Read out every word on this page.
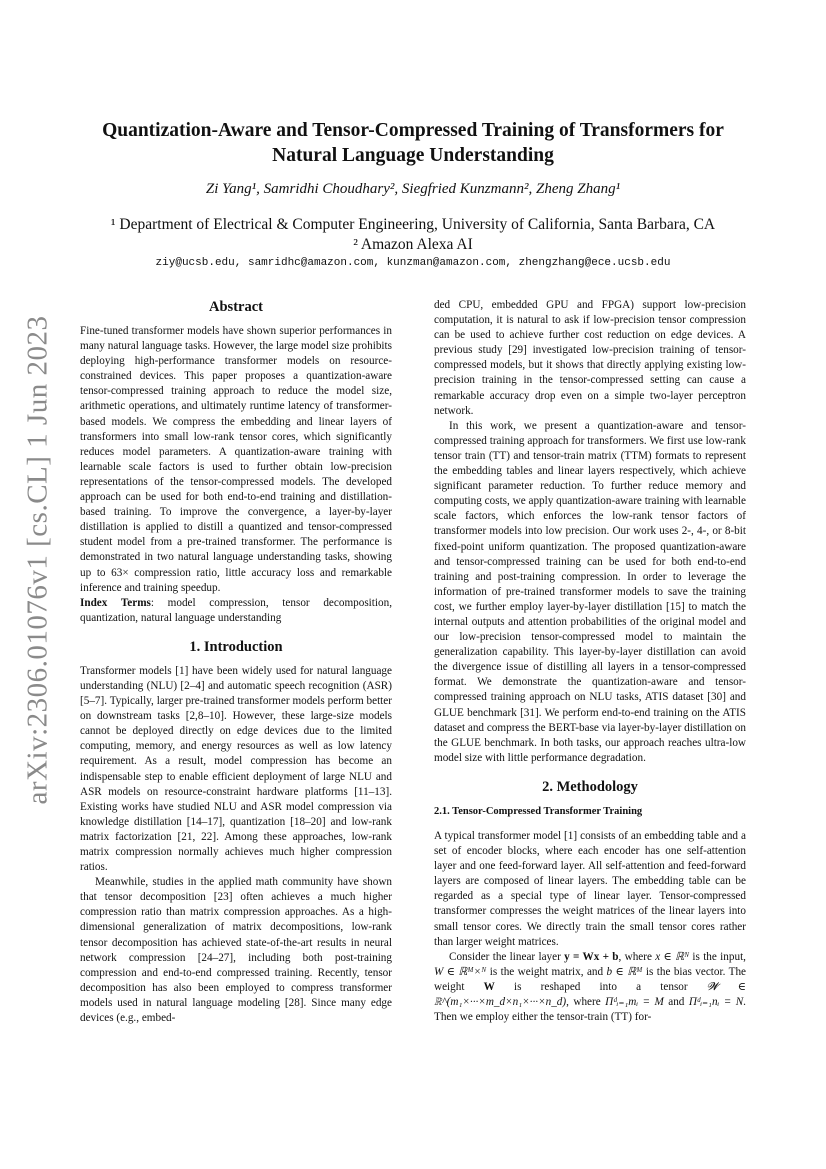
arXiv:2306.01076v1 [cs.CL] 1 Jun 2023
Quantization-Aware and Tensor-Compressed Training of Transformers for
Natural Language Understanding

Zi Yang¹, Samridhi Choudhary², Siegfried Kunzmann², Zheng Zhang¹

¹ Department of Electrical & Computer Engineering, University of California, Santa Barbara, CA
² Amazon Alexa AI

ziy@ucsb.edu, samridhc@amazon.com, kunzman@amazon.com, zhengzhang@ece.ucsb.edu

Abstract

Fine-tuned transformer models have shown superior performances in many natural language tasks. However, the large model size prohibits deploying high-performance transformer models on resource-constrained devices. This paper proposes a quantization-aware tensor-compressed training approach to reduce the model size, arithmetic operations, and ultimately runtime latency of transformer-based models. We compress the embedding and linear layers of transformers into small low-rank tensor cores, which significantly reduces model parameters. A quantization-aware training with learnable scale factors is used to further obtain low-precision representations of the tensor-compressed models. The developed approach can be used for both end-to-end training and distillation-based training. To improve the convergence, a layer-by-layer distillation is applied to distill a quantized and tensor-compressed student model from a pre-trained transformer. The performance is demonstrated in two natural language understanding tasks, showing up to 63× compression ratio, little accuracy loss and remarkable inference and training speedup.

Index Terms: model compression, tensor decomposition, quantization, natural language understanding

1. Introduction

Transformer models [1] have been widely used for natural language understanding (NLU) [2–4] and automatic speech recognition (ASR) [5–7]. Typically, larger pre-trained transformer models perform better on downstream tasks [2,8–10]. However, these large-size models cannot be deployed directly on edge devices due to the limited computing, memory, and energy resources as well as low latency requirement. As a result, model compression has become an indispensable step to enable efficient deployment of large NLU and ASR models on resource-constraint hardware platforms [11–13]. Existing works have studied NLU and ASR model compression via knowledge distillation [14–17], quantization [18–20] and low-rank matrix factorization [21, 22]. Among these approaches, low-rank matrix compression normally achieves much higher compression ratios.

Meanwhile, studies in the applied math community have shown that tensor decomposition [23] often achieves a much higher compression ratio than matrix compression approaches. As a high-dimensional generalization of matrix decompositions, low-rank tensor decomposition has achieved state-of-the-art results in neural network compression [24–27], including both post-training compression and end-to-end compressed training. Recently, tensor decomposition has also been employed to compress transformer models used in natural language modeling [28]. Since many edge devices (e.g., embed-

ded CPU, embedded GPU and FPGA) support low-precision computation, it is natural to ask if low-precision tensor compression can be used to achieve further cost reduction on edge devices. A previous study [29] investigated low-precision training of tensor-compressed models, but it shows that directly applying existing low-precision training in the tensor-compressed setting can cause a remarkable accuracy drop even on a simple two-layer perceptron network.

In this work, we present a quantization-aware and tensor-compressed training approach for transformers. We first use low-rank tensor train (TT) and tensor-train matrix (TTM) formats to represent the embedding tables and linear layers respectively, which achieve significant parameter reduction. To further reduce memory and computing costs, we apply quantization-aware training with learnable scale factors, which enforces the low-rank tensor factors of transformer models into low precision. Our work uses 2-, 4-, or 8-bit fixed-point uniform quantization. The proposed quantization-aware and tensor-compressed training can be used for both end-to-end training and post-training compression. In order to leverage the information of pre-trained transformer models to save the training cost, we further employ layer-by-layer distillation [15] to match the internal outputs and attention probabilities of the original model and our low-precision tensor-compressed model to maintain the generalization capability. This layer-by-layer distillation can avoid the divergence issue of distilling all layers in a tensor-compressed format. We demonstrate the quantization-aware and tensor-compressed training approach on NLU tasks, ATIS dataset [30] and GLUE benchmark [31]. We perform end-to-end training on the ATIS dataset and compress the BERT-base via layer-by-layer distillation on the GLUE benchmark. In both tasks, our approach reaches ultra-low model size with little performance degradation.

2. Methodology
2.1. Tensor-Compressed Transformer Training

A typical transformer model [1] consists of an embedding table and a set of encoder blocks, where each encoder has one self-attention layer and one feed-forward layer. All self-attention and feed-forward layers are composed of linear layers. The embedding table can be regarded as a special type of linear layer. Tensor-compressed transformer compresses the weight matrices of the linear layers into small tensor cores. We directly train the small tensor cores rather than larger weight matrices.

Consider the linear layer y = Wx + b, where x ∈ ℝᴺ is the input, W ∈ ℝᴹ×ᴺ is the weight matrix, and b ∈ ℝᴹ is the bias vector. The weight W is reshaped into a tensor 𝓦 ∈ ℝ^(m₁×···×m_d×n₁×···×n_d), where Πᵈᵢ₌₁mᵢ = M and Πᵈᵢ₌₁nᵢ = N. Then we employ either the tensor-train (TT) for-
